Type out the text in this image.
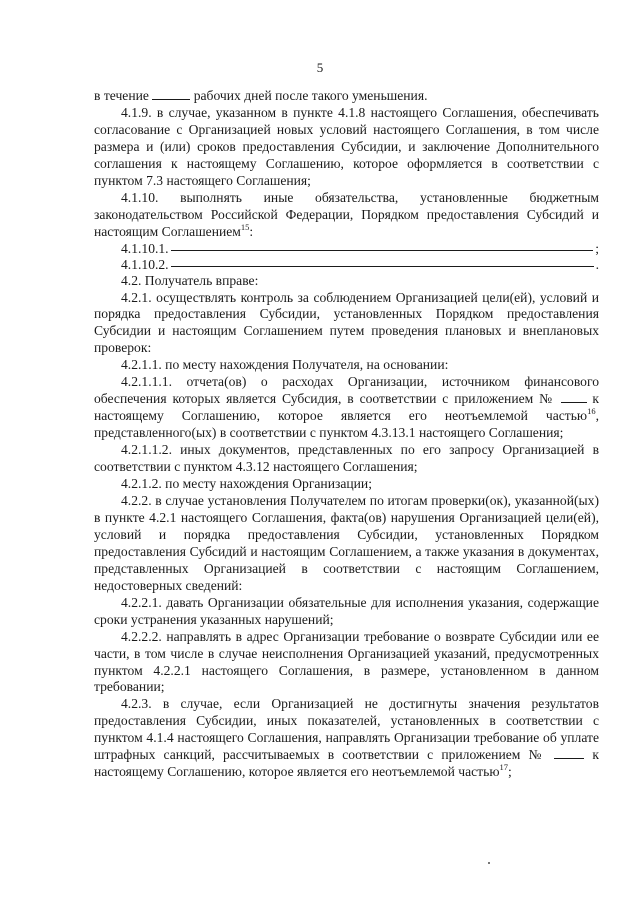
5

в течение	рабочих дней после такого уменьшения.

4.1.9. в случае, указанном в пункте 4.1.8 настоящего Соглашения, обеспечивать согласование с Организацией новых условий настоящего Соглашения, в том числе размера и (или) сроков предоставления Субсидии, и заключение Дополнительного соглашения к настоящему Соглашению, которое оформляется в соответствии с пунктом 7.3 настоящего Соглашения;

4.1.10. выполнять иные обязательства, установленные бюджетным законодательством Российской Федерации, Порядком предоставления Субсидий и настоящим Соглашением$^{15}$:

4.1.10.1.	;
4.1.10.2.	.

4.2. Получатель вправе:

4.2.1. осуществлять контроль за соблюдением Организацией цели(ей), условий и порядка предоставления Субсидии, установленных Порядком предоставления Субсидии и настоящим Соглашением путем проведения плановых и внеплановых проверок:

4.2.1.1. по месту нахождения Получателя, на основании:

4.2.1.1.1. отчета(ов) о расходах Организации, источником финансового обеспечения которых является Субсидия, в соответствии с приложением №	к настоящему Соглашению, которое является его неотъемлемой частью$^{16}$, представленного(ых) в соответствии с пунктом 4.3.13.1 настоящего Соглашения;

4.2.1.1.2. иных документов, представленных по его запросу Организацией в соответствии с пунктом 4.3.12 настоящего Соглашения;

4.2.1.2. по месту нахождения Организации;

4.2.2. в случае установления Получателем по итогам проверки(ок), указанной(ых) в пункте 4.2.1 настоящего Соглашения, факта(ов) нарушения Организацией цели(ей), условий и порядка предоставления Субсидии, установленных Порядком предоставления Субсидий и настоящим Соглашением, а также указания в документах, представленных Организацией в соответствии с настоящим Соглашением, недостоверных сведений:

4.2.2.1. давать Организации обязательные для исполнения указания, содержащие сроки устранения указанных нарушений;

4.2.2.2. направлять в адрес Организации требование о возврате Субсидии или ее части, в том числе в случае неисполнения Организацией указаний, предусмотренных пунктом 4.2.2.1 настоящего Соглашения, в размере, установленном в данном требовании;

4.2.3. в случае, если Организацией не достигнуты значения результатов предоставления Субсидии, иных показателей, установленных в соответствии с пунктом 4.1.4 настоящего Соглашения, направлять Организации требование об уплате штрафных санкций, рассчитываемых в соответствии с приложением №	к настоящему Соглашению, которое является его неотъемлемой частью$^{17}$;
